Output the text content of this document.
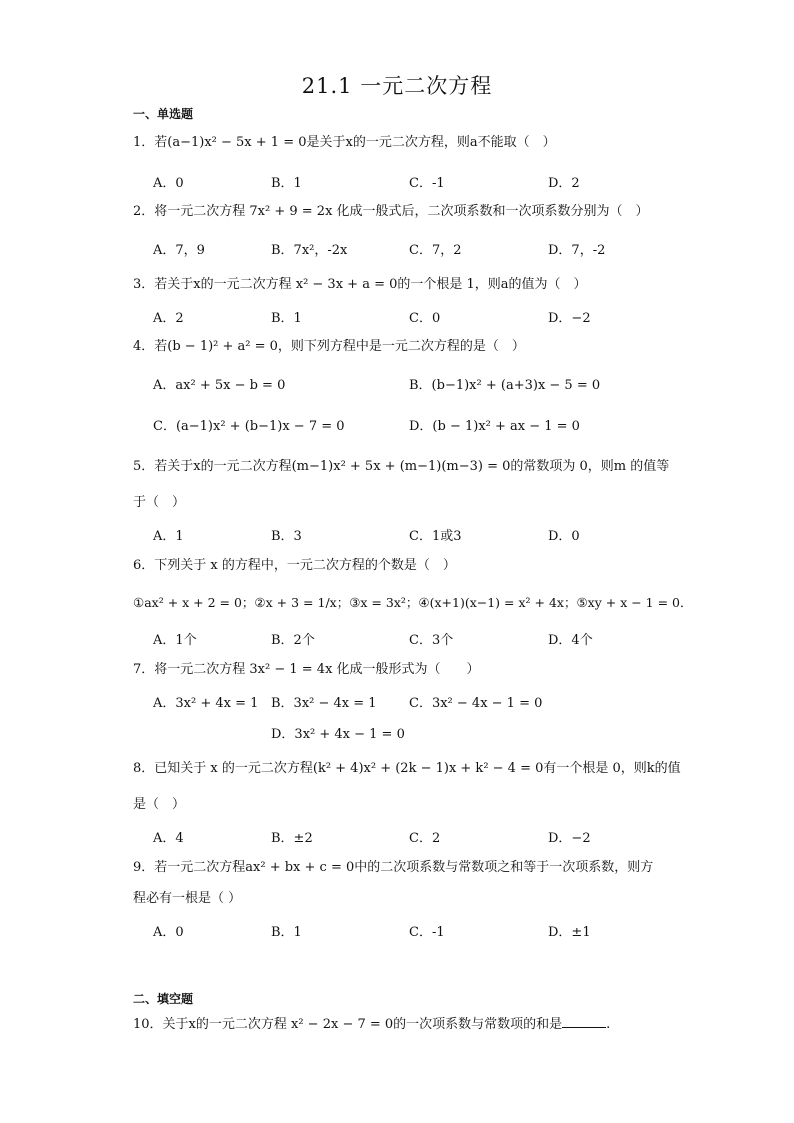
21.1 一元二次方程
一、单选题
1．若(a−1)x² − 5x + 1 = 0是关于x的一元二次方程，则a不能取（　）
A．0	B．1	C．-1	D．2
2．将一元二次方程 7x² + 9 = 2x 化成一般式后，二次项系数和一次项系数分别为（　）
A．7，9	B．7x²，-2x	C．7，2	D．7，-2
3．若关于x的一元二次方程 x² − 3x + a = 0的一个根是 1，则a的值为（　）
A．2	B．1	C．0	D．−2
4．若(b − 1)² + a² = 0，则下列方程中是一元二次方程的是（　）
A．ax² + 5x − b = 0	B．(b−1)x² + (a+3)x − 5 = 0
C．(a−1)x² + (b−1)x − 7 = 0	D．(b − 1)x² + ax − 1 = 0
5．若关于x的一元二次方程(m−1)x² + 5x + (m−1)(m−3) = 0的常数项为 0，则m 的值等
于（　）
A．1	B．3	C．1或3	D．0
6．下列关于 x 的方程中，一元二次方程的个数是（　）
①ax² + x + 2 = 0；②x + 3 = 1/x；③x = 3x²；④(x+1)(x−1) = x² + 4x；⑤xy + x − 1 = 0．
A．1个	B．2个	C．3个	D．4个
7．将一元二次方程 3x² − 1 = 4x 化成一般形式为（　　）
A．3x² + 4x = 1 B．3x² − 4x = 1 C．3x² − 4x − 1 = 0
D．3x² + 4x − 1 = 0
8．已知关于 x 的一元二次方程(k² + 4)x² + (2k − 1)x + k² − 4 = 0有一个根是 0，则k的值
是（　）
A．4	B．±2	C．2	D．−2
9．若一元二次方程ax² + bx + c = 0中的二次项系数与常数项之和等于一次项系数，则方
程必有一根是（ ）
A．0	B．1	C．-1	D．±1
二、填空题
10．关于x的一元二次方程 x² − 2x − 7 = 0的一次项系数与常数项的和是	.
